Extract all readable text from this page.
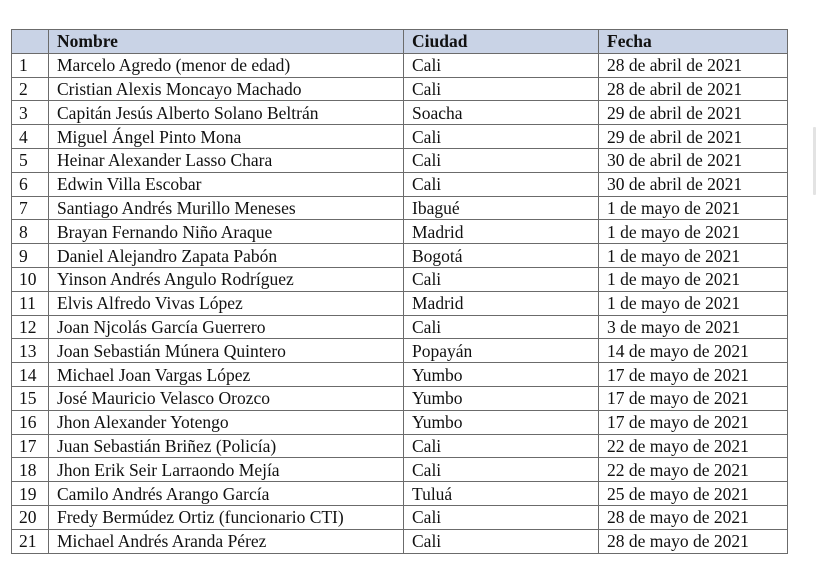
	Nombre	Ciudad	Fecha
1	Marcelo Agredo (menor de edad)	Cali	28 de abril de 2021
2	Cristian Alexis Moncayo Machado	Cali	28 de abril de 2021
3	Capitán Jesús Alberto Solano Beltrán	Soacha	29 de abril de 2021
4	Miguel Ángel Pinto Mona	Cali	29 de abril de 2021
5	Heinar Alexander Lasso Chara	Cali	30 de abril de 2021
6	Edwin Villa Escobar	Cali	30 de abril de 2021
7	Santiago Andrés Murillo Meneses	Ibagué	1 de mayo de 2021
8	Brayan Fernando Niño Araque	Madrid	1 de mayo de 2021
9	Daniel Alejandro Zapata Pabón	Bogotá	1 de mayo de 2021
10	Yinson Andrés Angulo Rodríguez	Cali	1 de mayo de 2021
11	Elvis Alfredo Vivas López	Madrid	1 de mayo de 2021
12	Joan Njcolás García Guerrero	Cali	3 de mayo de 2021
13	Joan Sebastián Múnera Quintero	Popayán	14 de mayo de 2021
14	Michael Joan Vargas López	Yumbo	17 de mayo de 2021
15	José Mauricio Velasco Orozco	Yumbo	17 de mayo de 2021
16	Jhon Alexander Yotengo	Yumbo	17 de mayo de 2021
17	Juan Sebastián Briñez (Policía)	Cali	22 de mayo de 2021
18	Jhon Erik Seir Larraondo Mejía	Cali	22 de mayo de 2021
19	Camilo Andrés Arango García	Tuluá	25 de mayo de 2021
20	Fredy Bermúdez Ortiz (funcionario CTI)	Cali	28 de mayo de 2021
21	Michael Andrés Aranda Pérez	Cali	28 de mayo de 2021
